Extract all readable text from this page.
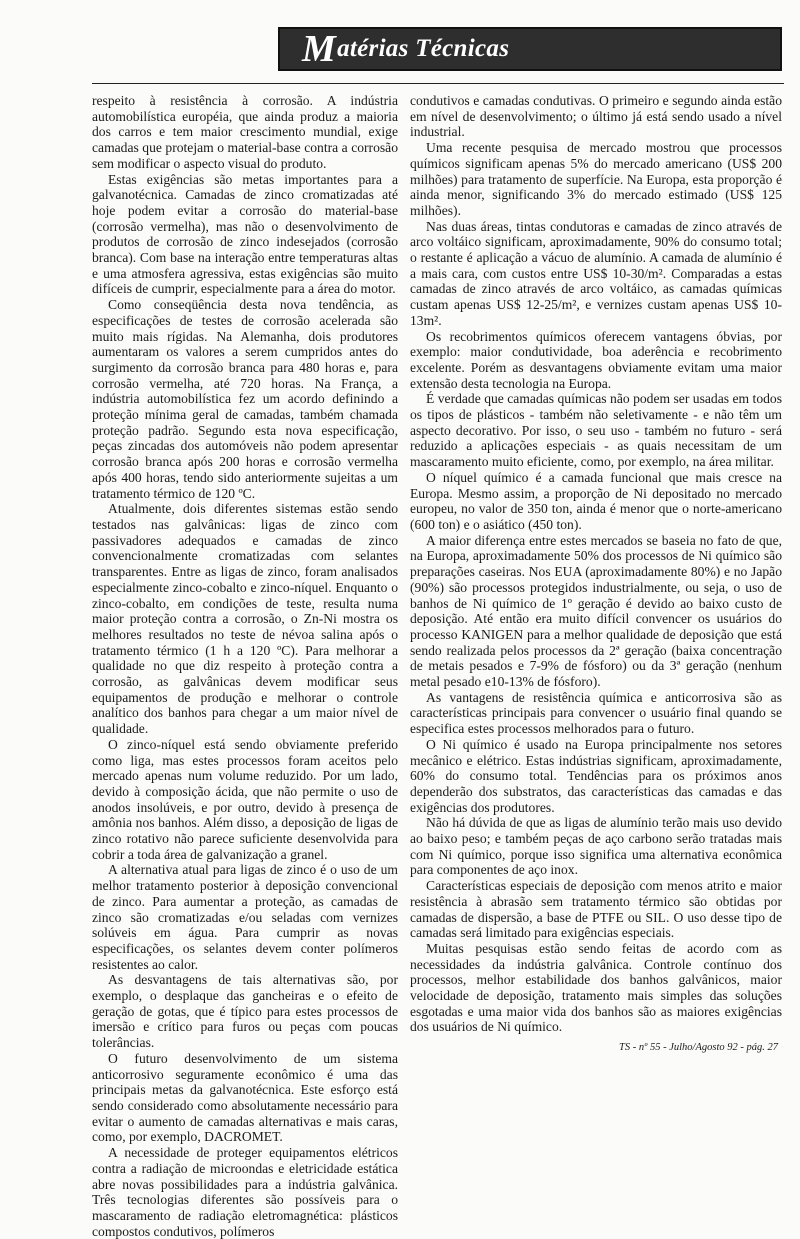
M atérias Técnicas

respeito à resistência à corrosão. A indústria automobilística européia, que ainda produz a maioria dos carros e tem maior crescimento mundial, exige camadas que protejam o material-base contra a corrosão sem modificar o aspecto visual do produto.

Estas exigências são metas importantes para a galvanotécnica. Camadas de zinco cromatizadas até hoje podem evitar a corrosão do material-base (corrosão vermelha), mas não o desenvolvimento de produtos de corrosão de zinco indesejados (corrosão branca). Com base na interação entre temperaturas altas e uma atmosfera agressiva, estas exigências são muito difíceis de cumprir, especialmente para a área do motor.

Como conseqüência desta nova tendência, as especificações de testes de corrosão acelerada são muito mais rígidas. Na Alemanha, dois produtores aumentaram os valores a serem cumpridos antes do surgimento da corrosão branca para 480 horas e, para corrosão vermelha, até 720 horas. Na França, a indústria automobilística fez um acordo definindo a proteção mínima geral de camadas, também chamada proteção padrão. Segundo esta nova especificação, peças zincadas dos automóveis não podem apresentar corrosão branca após 200 horas e corrosão vermelha após 400 horas, tendo sido anteriormente sujeitas a um tratamento térmico de 120 ºC.

Atualmente, dois diferentes sistemas estão sendo testados nas galvânicas: ligas de zinco com passivadores adequados e camadas de zinco convencionalmente cromatizadas com selantes transparentes. Entre as ligas de zinco, foram analisados especialmente zinco-cobalto e zinco-níquel. Enquanto o zinco-cobalto, em condições de teste, resulta numa maior proteção contra a corrosão, o Zn-Ni mostra os melhores resultados no teste de névoa salina após o tratamento térmico (1 h a 120 ºC). Para melhorar a qualidade no que diz respeito à proteção contra a corrosão, as galvânicas devem modificar seus equipamentos de produção e melhorar o controle analítico dos banhos para chegar a um maior nível de qualidade.

O zinco-níquel está sendo obviamente preferido como liga, mas estes processos foram aceitos pelo mercado apenas num volume reduzido. Por um lado, devido à composição ácida, que não permite o uso de anodos insolúveis, e por outro, devido à presença de amônia nos banhos. Além disso, a deposição de ligas de zinco rotativo não parece suficiente desenvolvida para cobrir a toda área de galvanização a granel.

A alternativa atual para ligas de zinco é o uso de um melhor tratamento posterior à deposição convencional de zinco. Para aumentar a proteção, as camadas de zinco são cromatizadas e/ou seladas com vernizes solúveis em água. Para cumprir as novas especificações, os selantes devem conter polímeros resistentes ao calor.

As desvantagens de tais alternativas são, por exemplo, o desplaque das gancheiras e o efeito de geração de gotas, que é típico para estes processos de imersão e crítico para furos ou peças com poucas tolerâncias.

O futuro desenvolvimento de um sistema anticorrosivo seguramente econômico é uma das principais metas da galvanotécnica. Este esforço está sendo considerado como absolutamente necessário para evitar o aumento de camadas alternativas e mais caras, como, por exemplo, DACROMET.

A necessidade de proteger equipamentos elétricos contra a radiação de microondas e eletricidade estática abre novas possibilidades para a indústria galvânica. Três tecnologias diferentes são possíveis para o mascaramento de radiação eletromagnética: plásticos compostos condutivos, polímeros

condutivos e camadas condutivas. O primeiro e segundo ainda estão em nível de desenvolvimento; o último já está sendo usado a nível industrial.

Uma recente pesquisa de mercado mostrou que processos químicos significam apenas 5% do mercado americano (US$ 200 milhões) para tratamento de superfície. Na Europa, esta proporção é ainda menor, significando 3% do mercado estimado (US$ 125 milhões).

Nas duas áreas, tintas condutoras e camadas de zinco através de arco voltáico significam, aproximadamente, 90% do consumo total; o restante é aplicação a vácuo de alumínio. A camada de alumínio é a mais cara, com custos entre US$ 10-30/m². Comparadas a estas camadas de zinco através de arco voltáico, as camadas químicas custam apenas US$ 12-25/m², e vernizes custam apenas US$ 10-13m².

Os recobrimentos químicos oferecem vantagens óbvias, por exemplo: maior condutividade, boa aderência e recobrimento excelente. Porém as desvantagens obviamente evitam uma maior extensão desta tecnologia na Europa.

É verdade que camadas químicas não podem ser usadas em todos os tipos de plásticos - também não seletivamente - e não têm um aspecto decorativo. Por isso, o seu uso - também no futuro - será reduzido a aplicações especiais - as quais necessitam de um mascaramento muito eficiente, como, por exemplo, na área militar.

O níquel químico é a camada funcional que mais cresce na Europa. Mesmo assim, a proporção de Ni depositado no mercado europeu, no valor de 350 ton, ainda é menor que o norte-americano (600 ton) e o asiático (450 ton).

A maior diferença entre estes mercados se baseia no fato de que, na Europa, aproximadamente 50% dos processos de Ni químico são preparações caseiras. Nos EUA (aproximadamente 80%) e no Japão (90%) são processos protegidos industrialmente, ou seja, o uso de banhos de Ni químico de 1º geração é devido ao baixo custo de deposição. Até então era muito difícil convencer os usuários do processo KANIGEN para a melhor qualidade de deposição que está sendo realizada pelos processos da 2ª geração (baixa concentração de metais pesados e 7-9% de fósforo) ou da 3ª geração (nenhum metal pesado e10-13% de fósforo).

As vantagens de resistência química e anticorrosiva são as características principais para convencer o usuário final quando se especifica estes processos melhorados para o futuro.

O Ni químico é usado na Europa principalmente nos setores mecânico e elétrico. Estas indústrias significam, aproximadamente, 60% do consumo total. Tendências para os próximos anos dependerão dos substratos, das características das camadas e das exigências dos produtores.

Não há dúvida de que as ligas de alumínio terão mais uso devido ao baixo peso; e também peças de aço carbono serão tratadas mais com Ni químico, porque isso significa uma alternativa econômica para componentes de aço inox.

Características especiais de deposição com menos atrito e maior resistência à abrasão sem tratamento térmico são obtidas por camadas de dispersão, a base de PTFE ou SIL. O uso desse tipo de camadas será limitado para exigências especiais.

Muitas pesquisas estão sendo feitas de acordo com as necessidades da indústria galvânica. Controle contínuo dos processos, melhor estabilidade dos banhos galvânicos, maior velocidade de deposição, tratamento mais simples das soluções esgotadas e uma maior vida dos banhos são as maiores exigências dos usuários de Ni químico.

TS - nº 55 - Julho/Agosto 92 - pág. 27
